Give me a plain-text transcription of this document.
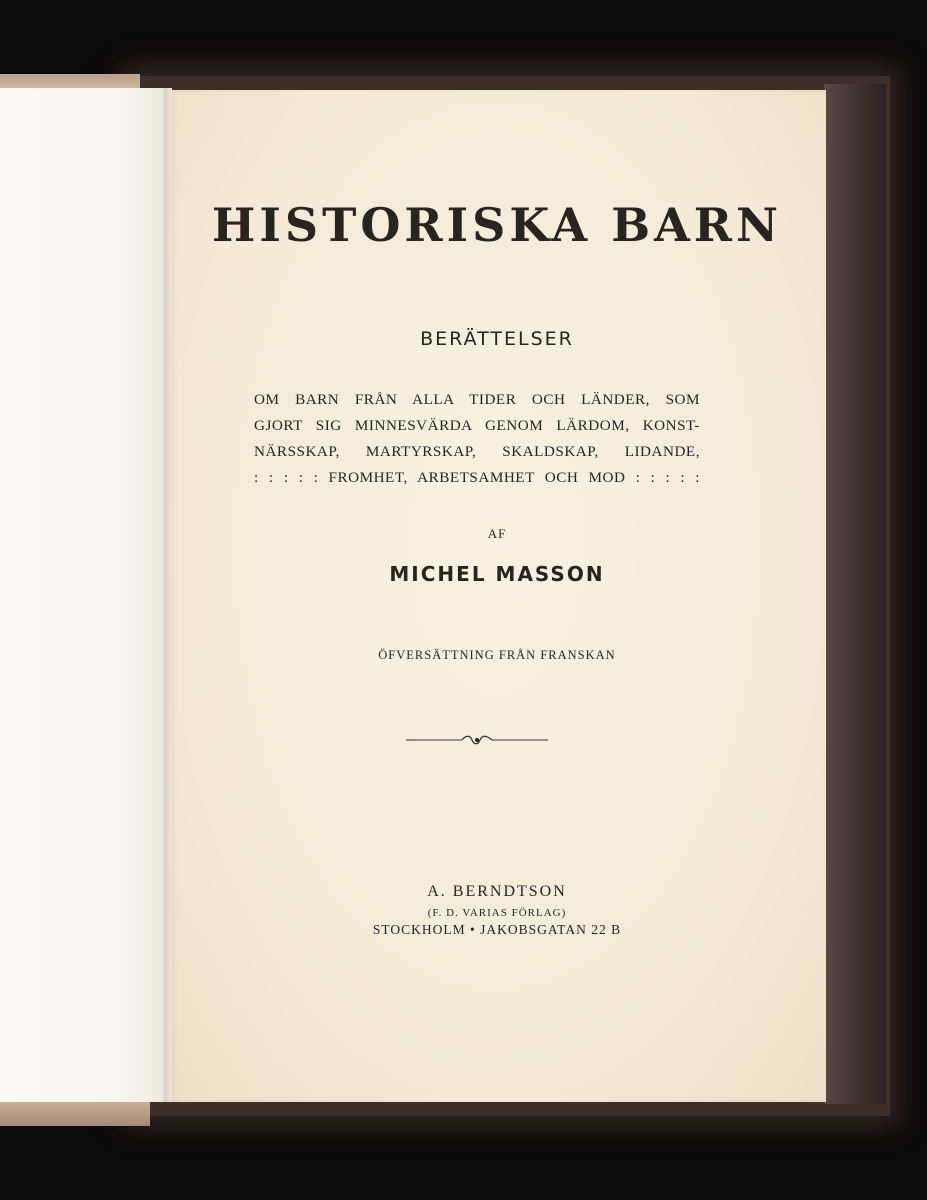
HISTORISKA BARN
BERÄTTELSER
OM BARN FRÅN ALLA TIDER OCH LÄNDER, SOM
GJORT SIG MINNESVÄRDA GENOM LÄRDOM, KONST-
NÄRSSKAP, MARTYRSKAP, SKALDSKAP, LIDANDE,
: : : : : FROMHET, ARBETSAMHET OCH MOD : : : : :
AF
MICHEL MASSON
ÖFVERSÄTTNING FRÅN FRANSKAN
A. BERNDTSON
(F. D. VARIAS FÖRLAG)
STOCKHOLM • JAKOBSGATAN 22 B
